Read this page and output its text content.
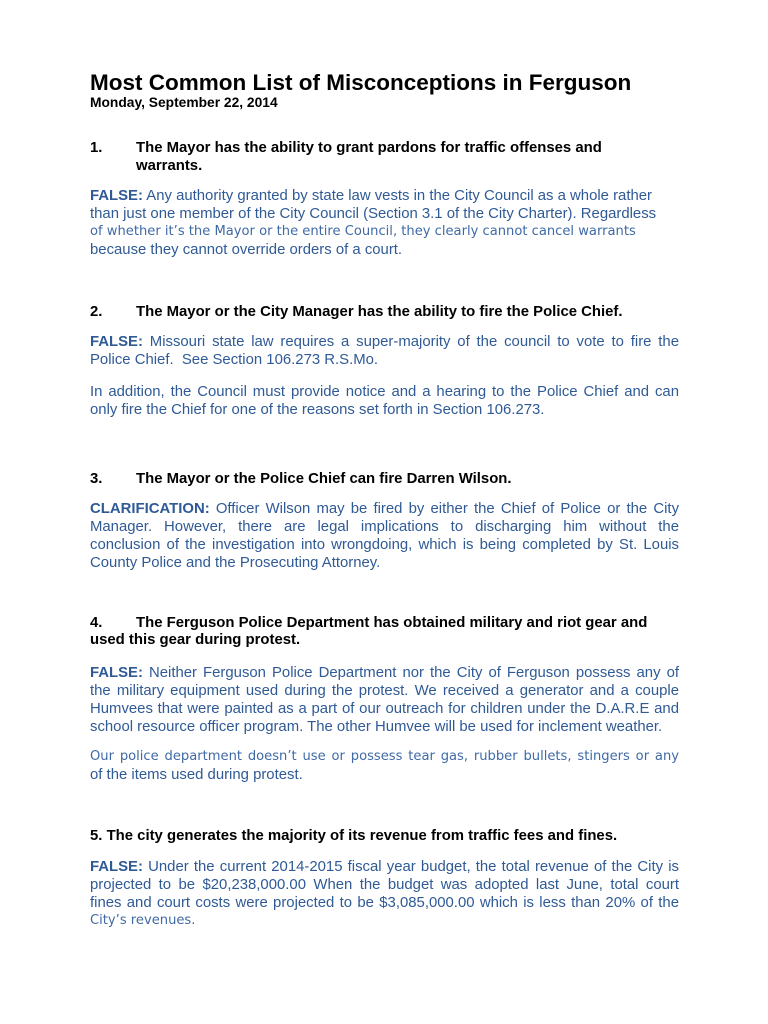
Most Common List of Misconceptions in Ferguson
Monday, September 22, 2014
1. The Mayor has the ability to grant pardons for traffic offenses and
warrants.
FALSE: Any authority granted by state law vests in the City Council as a whole rather
than just one member of the City Council (Section 3.1 of the City Charter). Regardless
of whether it’s the Mayor or the entire Council, they clearly cannot cancel warrants
because they cannot override orders of a court.
2. The Mayor or the City Manager has the ability to fire the Police Chief.
FALSE: Missouri state law requires a super-majority of the council to vote to fire the
Police Chief.  See Section 106.273 R.S.Mo.
In addition, the Council must provide notice and a hearing to the Police Chief and can
only fire the Chief for one of the reasons set forth in Section 106.273.
3. The Mayor or the Police Chief can fire Darren Wilson.
CLARIFICATION: Officer Wilson may be fired by either the Chief of Police or the City
Manager. However, there are legal implications to discharging him without the
conclusion of the investigation into wrongdoing, which is being completed by St. Louis
County Police and the Prosecuting Attorney.
4. The Ferguson Police Department has obtained military and riot gear and
used this gear during protest.
FALSE: Neither Ferguson Police Department nor the City of Ferguson possess any of
the military equipment used during the protest. We received a generator and a couple
Humvees that were painted as a part of our outreach for children under the D.A.R.E and
school resource officer program. The other Humvee will be used for inclement weather.
Our police department doesn’t use or possess tear gas, rubber bullets, stingers or any
of the items used during protest.
5. The city generates the majority of its revenue from traffic fees and fines.
FALSE: Under the current 2014-2015 fiscal year budget, the total revenue of the City is
projected to be $20,238,000.00 When the budget was adopted last June, total court
fines and court costs were projected to be $3,085,000.00 which is less than 20% of the
City’s revenues.
